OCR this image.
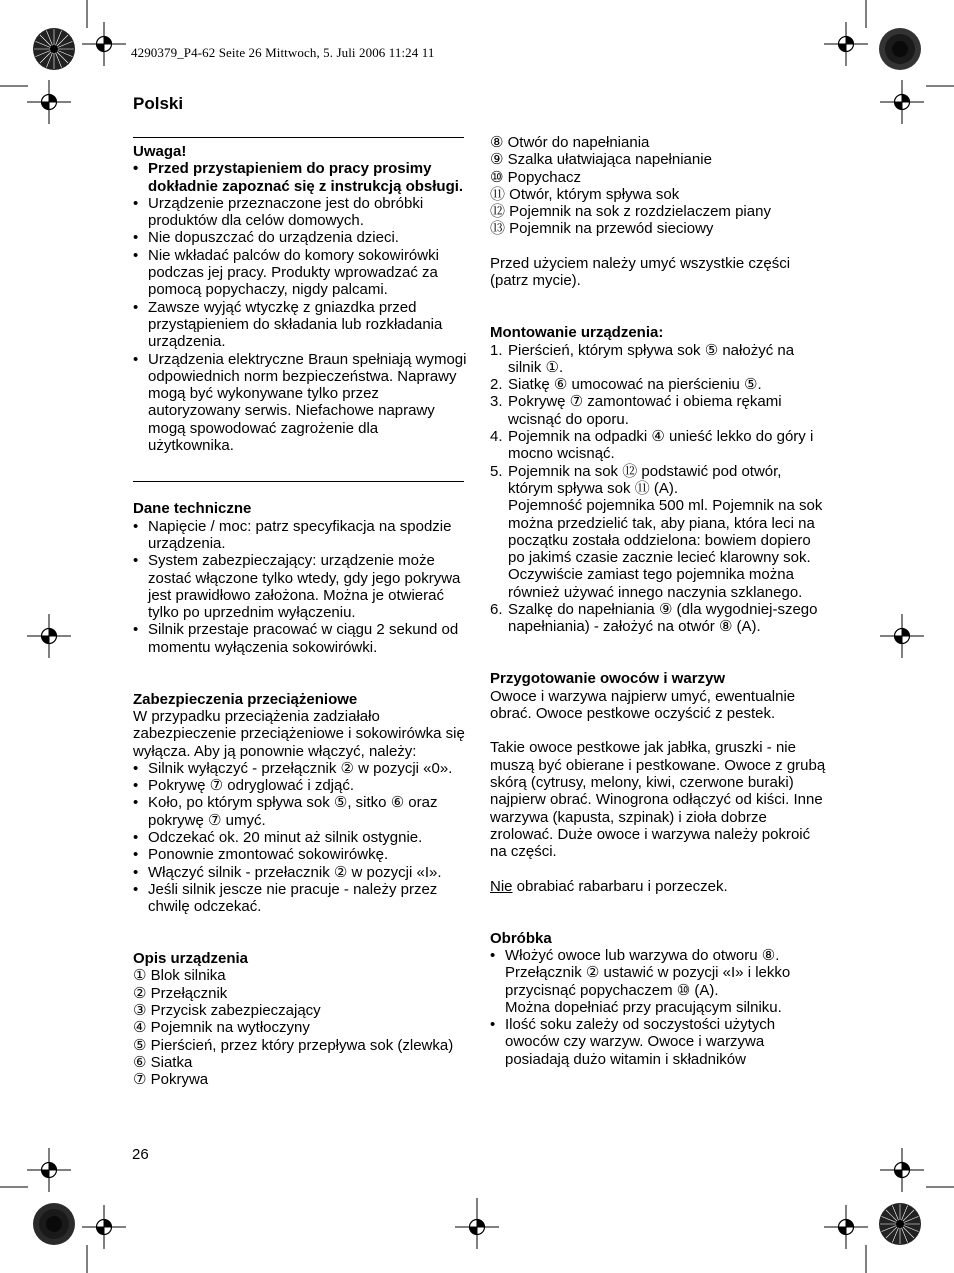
4290379_P4-62 Seite 26 Mittwoch, 5. Juli 2006 11:24 11
Polski
Uwaga!
• Przed przystapieniem do pracy prosimy dokładnie zapoznać się z instrukcją obsługi.
• Urządzenie przeznaczone jest do obróbki produktów dla celów domowych.
• Nie dopuszczać do urządzenia dzieci.
• Nie wkładać palców do komory sokowirówki podczas jej pracy. Produkty wprowadzać za pomocą popychaczy, nigdy palcami.
• Zawsze wyjąć wtyczkę z gniazdka przed przystąpieniem do składania lub rozkładania urządzenia.
• Urządzenia elektryczne Braun spełniają wymogi odpowiednich norm bezpieczeństwa. Naprawy mogą być wykonywane tylko przez autoryzowany serwis. Niefachowe naprawy mogą spowodować zagrożenie dla użytkownika.
Dane techniczne
• Napięcie / moc: patrz specyfikacja na spodzie urządzenia.
• System zabezpieczający: urządzenie może zostać włączone tylko wtedy, gdy jego pokrywa jest prawidłowo założona. Można je otwierać tylko po uprzednim wyłączeniu.
• Silnik przestaje pracować w ciągu 2 sekund od momentu wyłączenia sokowirówki.
Zabezpieczenia przeciążeniowe
W przypadku przeciążenia zadziałało zabezpieczenie przeciążeniowe i sokowirówka się wyłącza. Aby ją ponownie włączyć, należy:
• Silnik wyłączyć - przełącznik ② w pozycji «0».
• Pokrywę ⑦ odryglować i zdjąć.
• Koło, po którym spływa sok ⑤, sitko ⑥ oraz pokrywę ⑦ umyć.
• Odczekać ok. 20 minut aż silnik ostygnie.
• Ponownie zmontować sokowirówkę.
• Włączyć silnik - przełacznik ② w pozycji «I».
• Jeśli silnik jescze nie pracuje - należy przez chwilę odczekać.
Opis urządzenia
① Blok silnika
② Przełącznik
③ Przycisk zabezpieczający
④ Pojemnik na wytłoczyny
⑤ Pierścień, przez który przepływa sok (zlewka)
⑥ Siatka
⑦ Pokrywa
⑧ Otwór do napełniania
⑨ Szalka ułatwiająca napełnianie
⑩ Popychacz
⑪ Otwór, którym spływa sok
⑫ Pojemnik na sok z rozdzielaczem piany
⑬ Pojemnik na przewód sieciowy
Przed użyciem należy umyć wszystkie części (patrz mycie).
Montowanie urządzenia:
1. Pierścień, którym spływa sok ⑤ nałożyć na silnik ①.
2. Siatkę ⑥ umocować na pierścieniu ⑤.
3. Pokrywę ⑦ zamontować i obiema rękami wcisnąć do oporu.
4. Pojemnik na odpadki ④ unieść lekko do góry i mocno wcisnąć.
5. Pojemnik na sok ⑫ podstawić pod otwór, którym spływa sok ⑪ (A).
Pojemność pojemnika 500 ml. Pojemnik na sok można przedzielić tak, aby piana, która leci na początku została oddzielona: bowiem dopiero po jakimś czasie zacznie lecieć klarowny sok. Oczywiście zamiast tego pojemnika można również używać innego naczynia szklanego.
6. Szalkę do napełniania ⑨ (dla wygodniej-szego napełniania) - założyć na otwór ⑧ (A).
Przygotowanie owoców i warzyw
Owoce i warzywa najpierw umyć, ewentualnie obrać. Owoce pestkowe oczyścić z pestek.
Takie owoce pestkowe jak jabłka, gruszki - nie muszą być obierane i pestkowane. Owoce z grubą skórą (cytrusy, melony, kiwi, czerwone buraki) najpierw obrać. Winogrona odłączyć od kiści. Inne warzywa (kapusta, szpinak) i zioła dobrze zrolować. Duże owoce i warzywa należy pokroić na części.
Nie obrabiać rabarbaru i porzeczek.
Obróbka
• Włożyć owoce lub warzywa do otworu ⑧. Przełącznik ② ustawić w pozycji «I» i lekko przycisnąć popychaczem ⑩ (A).
Można dopełniać przy pracującym silniku.
• Ilość soku zależy od soczystości użytych owoców czy warzyw. Owoce i warzywa posiadają dużo witamin i składników
26
